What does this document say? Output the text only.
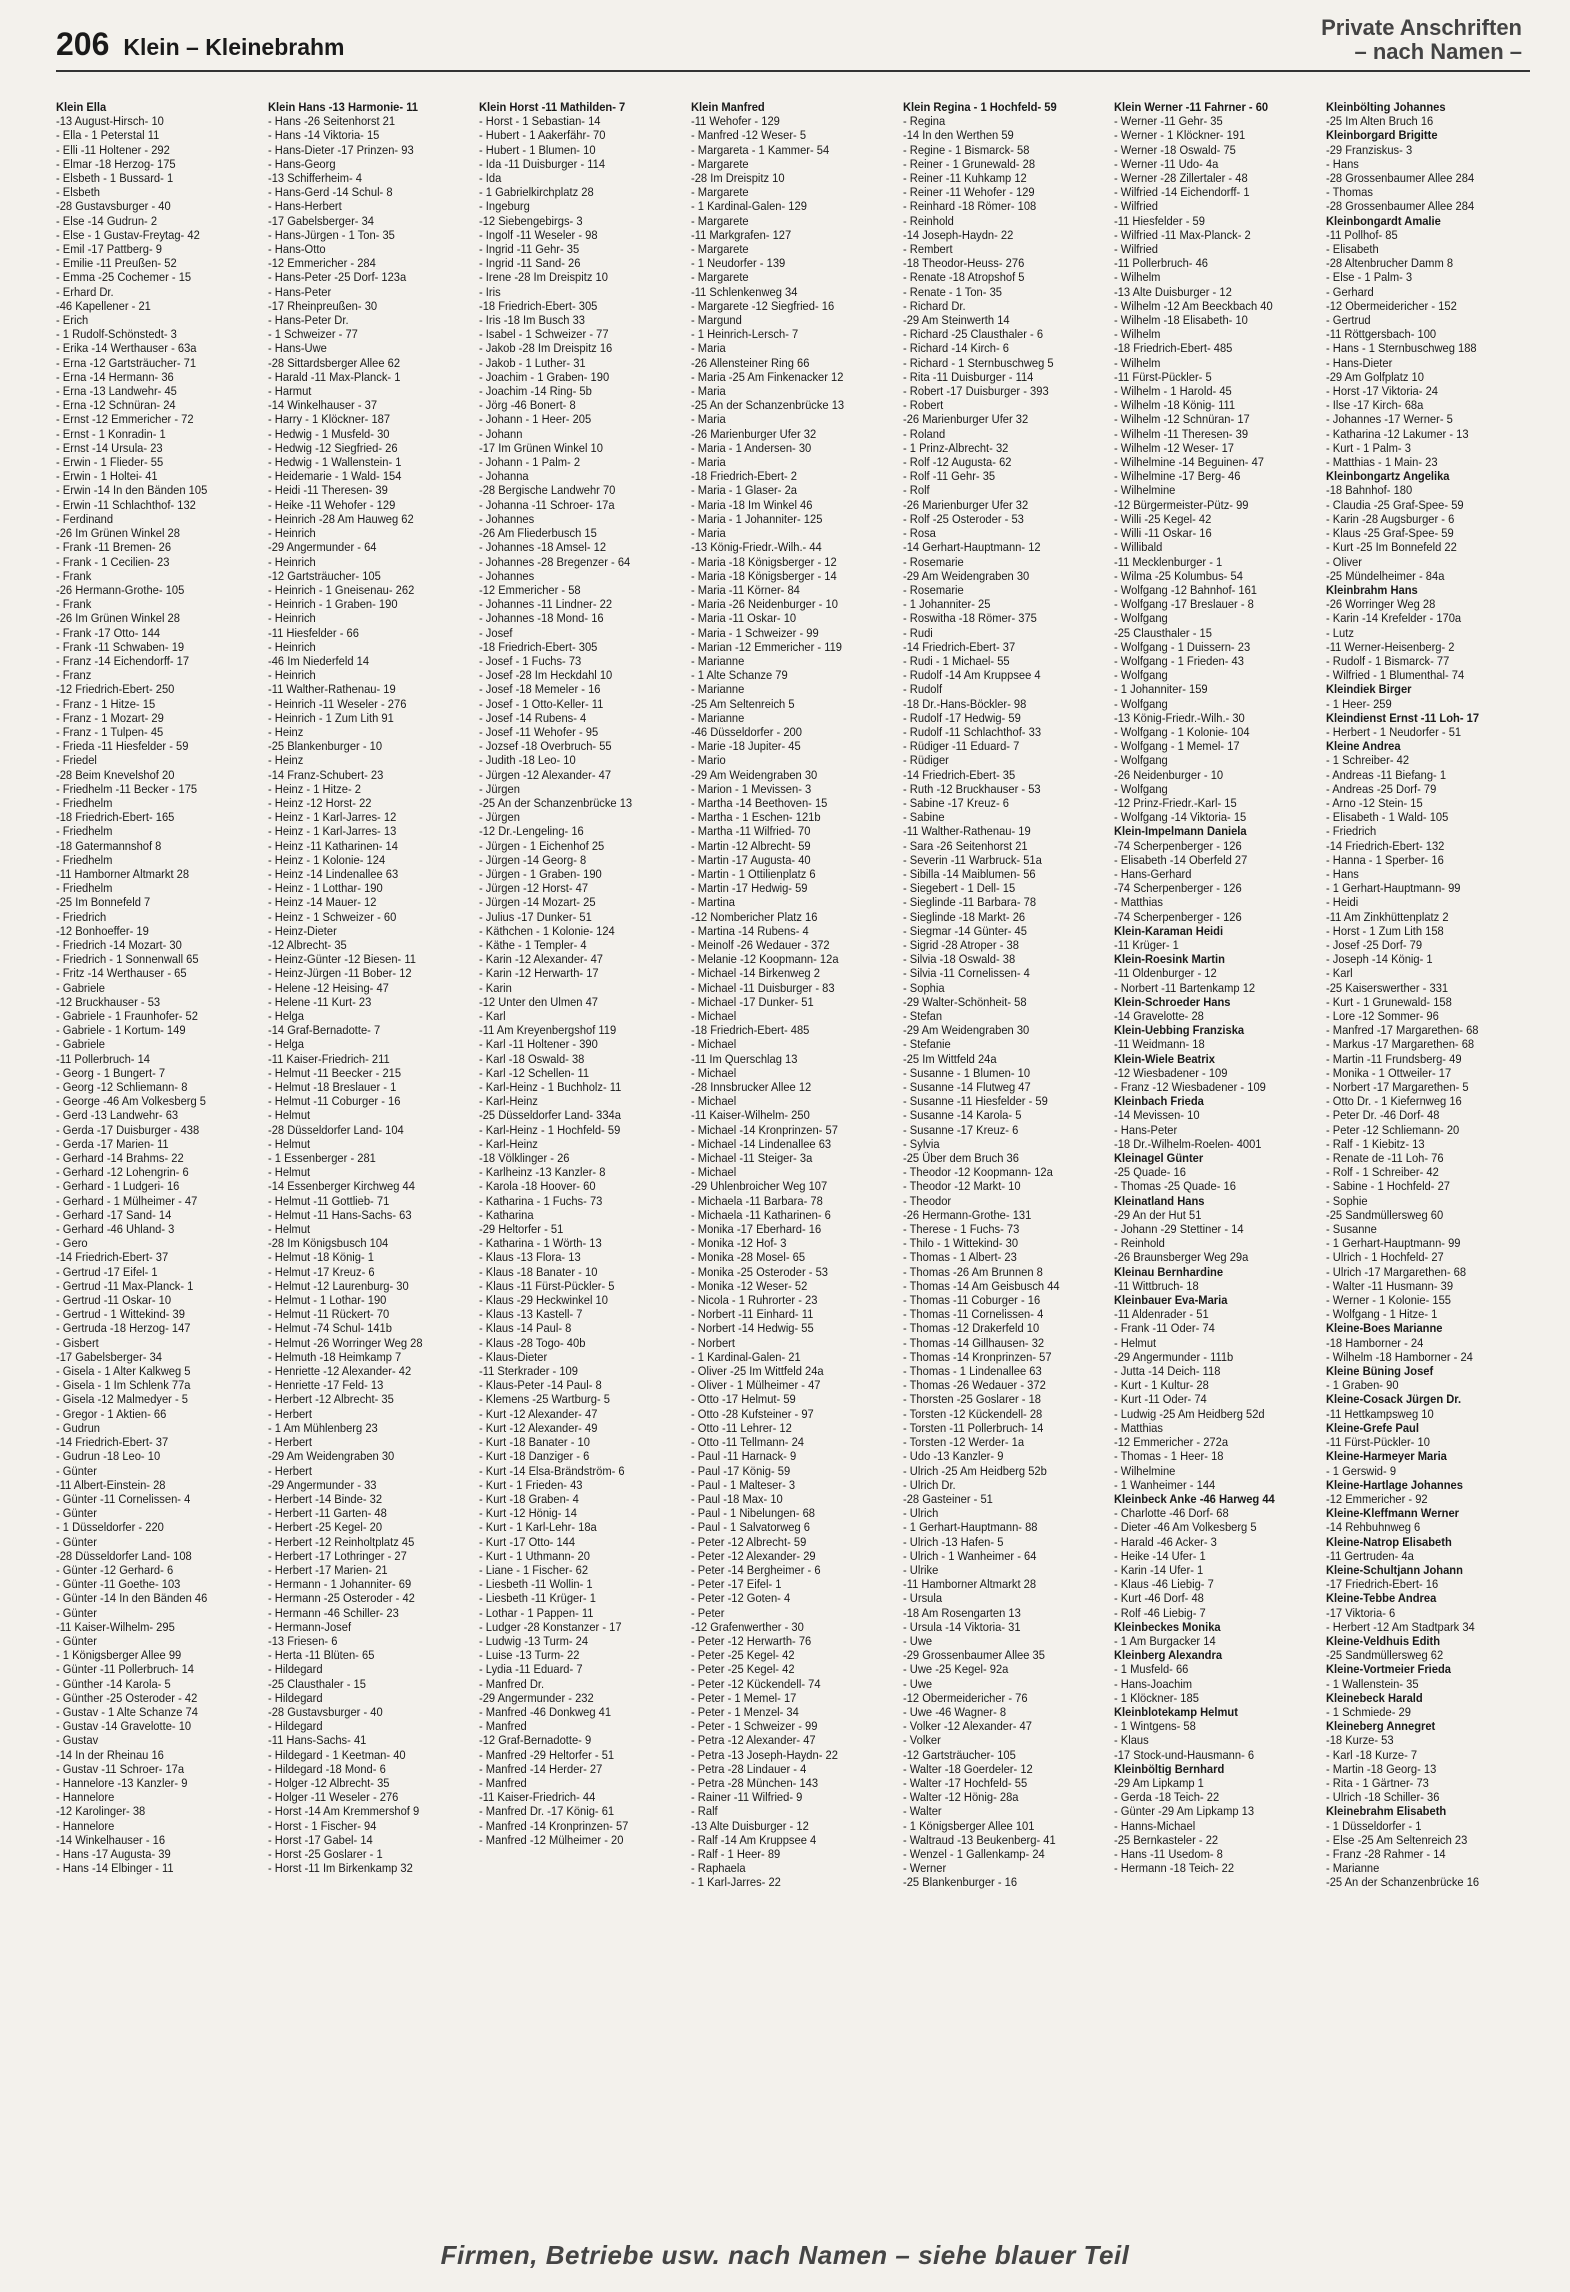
206 Klein – Kleinebrahm
Private Anschriften
– nach Namen –
Klein Ella
-13 August-Hirsch- 10
- Ella - 1 Peterstal 11
- Elli -11 Holtener - 292
- Elmar -18 Herzog- 175
- Elsbeth - 1 Bussard- 1
- Elsbeth
-28 Gustavsburger - 40
- Else -14 Gudrun- 2
- Else - 1 Gustav-Freytag- 42
- Emil -17 Pattberg- 9
- Emilie -11 Preußen- 52
- Emma -25 Cochemer - 15
- Erhard Dr.
-46 Kapellener - 21
- Erich
- 1 Rudolf-Schönstedt- 3
- Erika -14 Werthauser - 63a
- Erna -12 Gartsträucher- 71
- Erna -14 Hermann- 36
- Erna -13 Landwehr- 45
- Erna -12 Schnüran- 24
- Ernst -12 Emmericher - 72
- Ernst - 1 Konradin- 1
- Ernst -14 Ursula- 23
- Erwin - 1 Flieder- 55
- Erwin - 1 Holtei- 41
- Erwin -14 In den Bänden 105
- Erwin -11 Schlachthof- 132
- Ferdinand
-26 Im Grünen Winkel 28
- Frank -11 Bremen- 26
- Frank - 1 Cecilien- 23
- Frank
-26 Hermann-Grothe- 105
- Frank
-26 Im Grünen Winkel 28
- Frank -17 Otto- 144
- Frank -11 Schwaben- 19
- Franz -14 Eichendorff- 17
- Franz
-12 Friedrich-Ebert- 250
- Franz - 1 Hitze- 15
- Franz - 1 Mozart- 29
- Franz - 1 Tulpen- 45
- Frieda -11 Hiesfelder - 59
- Friedel
-28 Beim Knevelshof 20
- Friedhelm -11 Becker - 175
- Friedhelm
-18 Friedrich-Ebert- 165
- Friedhelm
-18 Gatermannshof 8
- Friedhelm
-11 Hamborner Altmarkt 28
- Friedhelm
-25 Im Bonnefeld 7
- Friedrich
-12 Bonhoeffer- 19
- Friedrich -14 Mozart- 30
- Friedrich - 1 Sonnenwall 65
- Fritz -14 Werthauser - 65
- Gabriele
-12 Bruckhauser - 53
- Gabriele - 1 Fraunhofer- 52
- Gabriele - 1 Kortum- 149
- Gabriele
-11 Pollerbruch- 14
- Georg - 1 Bungert- 7
- Georg -12 Schliemann- 8
- George -46 Am Volkesberg 5
- Gerd -13 Landwehr- 63
- Gerda -17 Duisburger - 438
- Gerda -17 Marien- 11
- Gerhard -14 Brahms- 22
- Gerhard -12 Lohengrin- 6
- Gerhard - 1 Ludgeri- 16
- Gerhard - 1 Mülheimer - 47
- Gerhard -17 Sand- 14
- Gerhard -46 Uhland- 3
- Gero
-14 Friedrich-Ebert- 37
- Gertrud -17 Eifel- 1
- Gertrud -11 Max-Planck- 1
- Gertrud -11 Oskar- 10
- Gertrud - 1 Wittekind- 39
- Gertruda -18 Herzog- 147
- Gisbert
-17 Gabelsberger- 34
- Gisela - 1 Alter Kalkweg 5
- Gisela - 1 Im Schlenk 77a
- Gisela -12 Malmedyer - 5
- Gregor - 1 Aktien- 66
- Gudrun
-14 Friedrich-Ebert- 37
- Gudrun -18 Leo- 10
- Günter
-11 Albert-Einstein- 28
- Günter -11 Cornelissen- 4
- Günter
- 1 Düsseldorfer - 220
- Günter
-28 Düsseldorfer Land- 108
- Günter -12 Gerhard- 6
- Günter -11 Goethe- 103
- Günter -14 In den Bänden 46
- Günter
-11 Kaiser-Wilhelm- 295
- Günter
- 1 Königsberger Allee 99
- Günter -11 Pollerbruch- 14
- Günther -14 Karola- 5
- Günther -25 Osteroder - 42
- Gustav - 1 Alte Schanze 74
- Gustav -14 Gravelotte- 10
- Gustav
-14 In der Rheinau 16
- Gustav -11 Schroer- 17a
- Hannelore -13 Kanzler- 9
- Hannelore
-12 Karolinger- 38
- Hannelore
-14 Winkelhauser - 16
- Hans -17 Augusta- 39
- Hans -14 Elbinger - 11
Klein Hans -13 Harmonie- 11
- Hans -26 Seitenhorst 21
- Hans -14 Viktoria- 15
- Hans-Dieter -17 Prinzen- 93
- Hans-Georg
-13 Schifferheim- 4
- Hans-Gerd -14 Schul- 8
- Hans-Herbert
-17 Gabelsberger- 34
- Hans-Jürgen - 1 Ton- 35
- Hans-Otto
-12 Emmericher - 284
- Hans-Peter -25 Dorf- 123a
- Hans-Peter
-17 Rheinpreußen- 30
- Hans-Peter Dr.
- 1 Schweizer - 77
- Hans-Uwe
-28 Sittardsberger Allee 62
- Harald -11 Max-Planck- 1
- Harmut
-14 Winkelhauser - 37
- Harry - 1 Klöckner- 187
- Hedwig - 1 Musfeld- 30
- Hedwig -12 Siegfried- 26
- Hedwig - 1 Wallenstein- 1
- Heidemarie - 1 Wald- 154
- Heidi -11 Theresen- 39
- Heike -11 Wehofer - 129
- Heinrich -28 Am Hauweg 62
- Heinrich
-29 Angermunder - 64
- Heinrich
-12 Gartsträucher- 105
- Heinrich - 1 Gneisenau- 262
- Heinrich - 1 Graben- 190
- Heinrich
-11 Hiesfelder - 66
- Heinrich
-46 Im Niederfeld 14
- Heinrich
-11 Walther-Rathenau- 19
- Heinrich -11 Weseler - 276
- Heinrich - 1 Zum Lith 91
- Heinz
-25 Blankenburger - 10
- Heinz
-14 Franz-Schubert- 23
- Heinz - 1 Hitze- 2
- Heinz -12 Horst- 22
- Heinz - 1 Karl-Jarres- 12
- Heinz - 1 Karl-Jarres- 13
- Heinz -11 Katharinen- 14
- Heinz - 1 Kolonie- 124
- Heinz -14 Lindenallee 63
- Heinz - 1 Lotthar- 190
- Heinz -14 Mauer- 12
- Heinz - 1 Schweizer - 60
- Heinz-Dieter
-12 Albrecht- 35
- Heinz-Günter -12 Biesen- 11
- Heinz-Jürgen -11 Bober- 12
- Helene -12 Heising- 47
- Helene -11 Kurt- 23
- Helga
-14 Graf-Bernadotte- 7
- Helga
-11 Kaiser-Friedrich- 211
- Helmut -11 Beecker - 215
- Helmut -18 Breslauer - 1
- Helmut -11 Coburger - 16
- Helmut
-28 Düsseldorfer Land- 104
- Helmut
- 1 Essenberger - 281
- Helmut
-14 Essenberger Kirchweg 44
- Helmut -11 Gottlieb- 71
- Helmut -11 Hans-Sachs- 63
- Helmut
-28 Im Königsbusch 104
- Helmut -18 König- 1
- Helmut -17 Kreuz- 6
- Helmut -12 Laurenburg- 30
- Helmut - 1 Lothar- 190
- Helmut -11 Rückert- 70
- Helmut -74 Schul- 141b
- Helmut -26 Worringer Weg 28
- Helmuth -18 Heimkamp 7
- Henriette -12 Alexander- 42
- Henriette -17 Feld- 13
- Herbert -12 Albrecht- 35
- Herbert
- 1 Am Mühlenberg 23
- Herbert
-29 Am Weidengraben 30
- Herbert
-29 Angermunder - 33
- Herbert -14 Binde- 32
- Herbert -11 Garten- 48
- Herbert -25 Kegel- 20
- Herbert -12 Reinholtplatz 45
- Herbert -17 Lothringer - 27
- Herbert -17 Marien- 21
- Hermann - 1 Johanniter- 69
- Hermann -25 Osteroder - 42
- Hermann -46 Schiller- 23
- Hermann-Josef
-13 Friesen- 6
- Herta -11 Blüten- 65
- Hildegard
-25 Clausthaler - 15
- Hildegard
-28 Gustavsburger - 40
- Hildegard
-11 Hans-Sachs- 41
- Hildegard - 1 Keetman- 40
- Hildegard -18 Mond- 6
- Holger -12 Albrecht- 35
- Holger -11 Weseler - 276
- Horst -14 Am Kremmershof 9
- Horst - 1 Fischer- 94
- Horst -17 Gabel- 14
- Horst -25 Goslarer - 1
- Horst -11 Im Birkenkamp 32
Klein Horst -11 Mathilden- 7
- Horst - 1 Sebastian- 14
- Hubert - 1 Aakerfähr- 70
- Hubert - 1 Blumen- 10
- Ida -11 Duisburger - 114
- Ida
- 1 Gabrielkirchplatz 28
- Ingeburg
-12 Siebengebirgs- 3
- Ingolf -11 Weseler - 98
- Ingrid -11 Gehr- 35
- Ingrid -11 Sand- 26
- Irene -28 Im Dreispitz 10
- Iris
-18 Friedrich-Ebert- 305
- Iris -18 Im Busch 33
- Isabel - 1 Schweizer - 77
- Jakob -28 Im Dreispitz 16
- Jakob - 1 Luther- 31
- Joachim - 1 Graben- 190
- Joachim -14 Ring- 5b
- Jörg -46 Bonert- 8
- Johann - 1 Heer- 205
- Johann
-17 Im Grünen Winkel 10
- Johann - 1 Palm- 2
- Johanna
-28 Bergische Landwehr 70
- Johanna -11 Schroer- 17a
- Johannes
-26 Am Fliederbusch 15
- Johannes -18 Amsel- 12
- Johannes -28 Bregenzer - 64
- Johannes
-12 Emmericher - 58
- Johannes -11 Lindner- 22
- Johannes -18 Mond- 16
- Josef
-18 Friedrich-Ebert- 305
- Josef - 1 Fuchs- 73
- Josef -28 Im Heckdahl 10
- Josef -18 Memeler - 16
- Josef - 1 Otto-Keller- 11
- Josef -14 Rubens- 4
- Josef -11 Wehofer - 95
- Jozsef -18 Overbruch- 55
- Judith -18 Leo- 10
- Jürgen -12 Alexander- 47
- Jürgen
-25 An der Schanzenbrücke 13
- Jürgen
-12 Dr.-Lengeling- 16
- Jürgen - 1 Eichenhof 25
- Jürgen -14 Georg- 8
- Jürgen - 1 Graben- 190
- Jürgen -12 Horst- 47
- Jürgen -14 Mozart- 25
- Julius -17 Dunker- 51
- Käthchen - 1 Kolonie- 124
- Käthe - 1 Templer- 4
- Karin -12 Alexander- 47
- Karin -12 Herwarth- 17
- Karin
-12 Unter den Ulmen 47
- Karl
-11 Am Kreyenbergshof 119
- Karl -11 Holtener - 390
- Karl -18 Oswald- 38
- Karl -12 Schellen- 11
- Karl-Heinz - 1 Buchholz- 11
- Karl-Heinz
-25 Düsseldorfer Land- 334a
- Karl-Heinz - 1 Hochfeld- 59
- Karl-Heinz
-18 Völklinger - 26
- Karlheinz -13 Kanzler- 8
- Karola -18 Hoover- 60
- Katharina - 1 Fuchs- 73
- Katharina
-29 Heltorfer - 51
- Katharina - 1 Wörth- 13
- Klaus -13 Flora- 13
- Klaus -18 Banater - 10
- Klaus -11 Fürst-Pückler- 5
- Klaus -29 Heckwinkel 10
- Klaus -13 Kastell- 7
- Klaus -14 Paul- 8
- Klaus -28 Togo- 40b
- Klaus-Dieter
-11 Sterkrader - 109
- Klaus-Peter -14 Paul- 8
- Klemens -25 Wartburg- 5
- Kurt -12 Alexander- 47
- Kurt -12 Alexander- 49
- Kurt -18 Banater - 10
- Kurt -18 Danziger - 6
- Kurt -14 Elsa-Brändström- 6
- Kurt - 1 Frieden- 43
- Kurt -18 Graben- 4
- Kurt -12 Hönig- 14
- Kurt - 1 Karl-Lehr- 18a
- Kurt -17 Otto- 144
- Kurt - 1 Uthmann- 20
- Liane - 1 Fischer- 62
- Liesbeth -11 Wollin- 1
- Liesbeth -11 Krüger- 1
- Lothar - 1 Pappen- 11
- Ludger -28 Konstanzer - 17
- Ludwig -13 Turm- 24
- Luise -13 Turm- 22
- Lydia -11 Eduard- 7
- Manfred Dr.
-29 Angermunder - 232
- Manfred -46 Donkweg 41
- Manfred
-12 Graf-Bernadotte- 9
- Manfred -29 Heltorfer - 51
- Manfred -14 Herder- 27
- Manfred
-11 Kaiser-Friedrich- 44
- Manfred Dr. -17 König- 61
- Manfred -14 Kronprinzen- 57
- Manfred -12 Mülheimer - 20
Klein Manfred
-11 Wehofer - 129
- Manfred -12 Weser- 5
- Margareta - 1 Kammer- 54
- Margarete
-28 Im Dreispitz 10
- Margarete
- 1 Kardinal-Galen- 129
- Margarete
-11 Markgrafen- 127
- Margarete
- 1 Neudorfer - 139
- Margarete
-11 Schlenkenweg 34
- Margarete -12 Siegfried- 16
- Margund
- 1 Heinrich-Lersch- 7
- Maria
-26 Allensteiner Ring 66
- Maria -25 Am Finkenacker 12
- Maria
-25 An der Schanzenbrücke 13
- Maria
-26 Marienburger Ufer 32
- Maria - 1 Andersen- 30
- Maria
-18 Friedrich-Ebert- 2
- Maria - 1 Glaser- 2a
- Maria -18 Im Winkel 46
- Maria - 1 Johanniter- 125
- Maria
-13 König-Friedr.-Wilh.- 44
- Maria -18 Königsberger - 12
- Maria -18 Königsberger - 14
- Maria -11 Körner- 84
- Maria -26 Neidenburger - 10
- Maria -11 Oskar- 10
- Maria - 1 Schweizer - 99
- Marian -12 Emmericher - 119
- Marianne
- 1 Alte Schanze 79
- Marianne
-25 Am Seltenreich 5
- Marianne
-46 Düsseldorfer - 200
- Marie -18 Jupiter- 45
- Mario
-29 Am Weidengraben 30
- Marion - 1 Mevissen- 3
- Martha -14 Beethoven- 15
- Martha - 1 Eschen- 121b
- Martha -11 Wilfried- 70
- Martin -12 Albrecht- 59
- Martin -17 Augusta- 40
- Martin - 1 Ottilienplatz 6
- Martin -17 Hedwig- 59
- Martina
-12 Nombericher Platz 16
- Martina -14 Rubens- 4
- Meinolf -26 Wedauer - 372
- Melanie -12 Koopmann- 12a
- Michael -14 Birkenweg 2
- Michael -11 Duisburger - 83
- Michael -17 Dunker- 51
- Michael
-18 Friedrich-Ebert- 485
- Michael
-11 Im Querschlag 13
- Michael
-28 Innsbrucker Allee 12
- Michael
-11 Kaiser-Wilhelm- 250
- Michael -14 Kronprinzen- 57
- Michael -14 Lindenallee 63
- Michael -11 Steiger- 3a
- Michael
-29 Uhlenbroicher Weg 107
- Michaela -11 Barbara- 78
- Michaela -11 Katharinen- 6
- Monika -17 Eberhard- 16
- Monika -12 Hof- 3
- Monika -28 Mosel- 65
- Monika -25 Osteroder - 53
- Monika -12 Weser- 52
- Nicola - 1 Ruhrorter - 23
- Norbert -11 Einhard- 11
- Norbert -14 Hedwig- 55
- Norbert
- 1 Kardinal-Galen- 21
- Oliver -25 Im Wittfeld 24a
- Oliver - 1 Mülheimer - 47
- Otto -17 Helmut- 59
- Otto -28 Kufsteiner - 97
- Otto -11 Lehrer- 12
- Otto -11 Tellmann- 24
- Paul -11 Harnack- 9
- Paul -17 König- 59
- Paul - 1 Malteser- 3
- Paul -18 Max- 10
- Paul - 1 Nibelungen- 68
- Paul - 1 Salvatorweg 6
- Peter -12 Albrecht- 59
- Peter -12 Alexander- 29
- Peter -14 Bergheimer - 6
- Peter -17 Eifel- 1
- Peter -12 Goten- 4
- Peter
-12 Grafenwerther - 30
- Peter -12 Herwarth- 76
- Peter -25 Kegel- 42
- Peter -25 Kegel- 42
- Peter -12 Kückendell- 74
- Peter - 1 Memel- 17
- Peter - 1 Menzel- 34
- Peter - 1 Schweizer - 99
- Petra -12 Alexander- 47
- Petra -13 Joseph-Haydn- 22
- Petra -28 Lindauer - 4
- Petra -28 München- 143
- Rainer -11 Wilfried- 9
- Ralf
-13 Alte Duisburger - 12
- Ralf -14 Am Kruppsee 4
- Ralf - 1 Heer- 89
- Raphaela
- 1 Karl-Jarres- 22
Klein Regina - 1 Hochfeld- 59
- Regina
-14 In den Werthen 59
- Regine - 1 Bismarck- 58
- Reiner - 1 Grunewald- 28
- Reiner -11 Kuhkamp 12
- Reiner -11 Wehofer - 129
- Reinhard -18 Römer- 108
- Reinhold
-14 Joseph-Haydn- 22
- Rembert
-18 Theodor-Heuss- 276
- Renate -18 Atropshof 5
- Renate - 1 Ton- 35
- Richard Dr.
-29 Am Steinwerth 14
- Richard -25 Clausthaler - 6
- Richard -14 Kirch- 6
- Richard - 1 Sternbuschweg 5
- Rita -11 Duisburger - 114
- Robert -17 Duisburger - 393
- Robert
-26 Marienburger Ufer 32
- Roland
- 1 Prinz-Albrecht- 32
- Rolf -12 Augusta- 62
- Rolf -11 Gehr- 35
- Rolf
-26 Marienburger Ufer 32
- Rolf -25 Osteroder - 53
- Rosa
-14 Gerhart-Hauptmann- 12
- Rosemarie
-29 Am Weidengraben 30
- Rosemarie
- 1 Johanniter- 25
- Roswitha -18 Römer- 375
- Rudi
-14 Friedrich-Ebert- 37
- Rudi - 1 Michael- 55
- Rudolf -14 Am Kruppsee 4
- Rudolf
-18 Dr.-Hans-Böckler- 98
- Rudolf -17 Hedwig- 59
- Rudolf -11 Schlachthof- 33
- Rüdiger -11 Eduard- 7
- Rüdiger
-14 Friedrich-Ebert- 35
- Ruth -12 Bruckhauser - 53
- Sabine -17 Kreuz- 6
- Sabine
-11 Walther-Rathenau- 19
- Sara -26 Seitenhorst 21
- Severin -11 Warbruck- 51a
- Sibilla -14 Maiblumen- 56
- Siegebert - 1 Dell- 15
- Sieglinde -11 Barbara- 78
- Sieglinde -18 Markt- 26
- Siegmar -14 Günter- 45
- Sigrid -28 Atroper - 38
- Silvia -18 Oswald- 38
- Silvia -11 Cornelissen- 4
- Sophia
-29 Walter-Schönheit- 58
- Stefan
-29 Am Weidengraben 30
- Stefanie
-25 Im Wittfeld 24a
- Susanne - 1 Blumen- 10
- Susanne -14 Flutweg 47
- Susanne -11 Hiesfelder - 59
- Susanne -14 Karola- 5
- Susanne -17 Kreuz- 6
- Sylvia
-25 Über dem Bruch 36
- Theodor -12 Koopmann- 12a
- Theodor -12 Markt- 10
- Theodor
-26 Hermann-Grothe- 131
- Therese - 1 Fuchs- 73
- Thilo - 1 Wittekind- 30
- Thomas - 1 Albert- 23
- Thomas -26 Am Brunnen 8
- Thomas -14 Am Geisbusch 44
- Thomas -11 Coburger - 16
- Thomas -11 Cornelissen- 4
- Thomas -12 Drakerfeld 10
- Thomas -14 Gillhausen- 32
- Thomas -14 Kronprinzen- 57
- Thomas - 1 Lindenallee 63
- Thomas -26 Wedauer - 372
- Thorsten -25 Goslarer - 18
- Torsten -12 Kückendell- 28
- Torsten -11 Pollerbruch- 14
- Torsten -12 Werder- 1a
- Udo -13 Kanzler- 9
- Ulrich -25 Am Heidberg 52b
- Ulrich Dr.
-28 Gasteiner - 51
- Ulrich
- 1 Gerhart-Hauptmann- 88
- Ulrich -13 Hafen- 5
- Ulrich - 1 Wanheimer - 64
- Ulrike
-11 Hamborner Altmarkt 28
- Ursula
-18 Am Rosengarten 13
- Ursula -14 Viktoria- 31
- Uwe
-29 Grossenbaumer Allee 35
- Uwe -25 Kegel- 92a
- Uwe
-12 Obermeidericher - 76
- Uwe -46 Wagner- 8
- Volker -12 Alexander- 47
- Volker
-12 Gartsträucher- 105
- Walter -18 Goerdeler- 12
- Walter -17 Hochfeld- 55
- Walter -12 Hönig- 28a
- Walter
- 1 Königsberger Allee 101
- Waltraud -13 Beukenberg- 41
- Wenzel - 1 Gallenkamp- 24
- Werner
-25 Blankenburger - 16
Klein Werner -11 Fahrner - 60
- Werner -11 Gehr- 35
- Werner - 1 Klöckner- 191
- Werner -18 Oswald- 75
- Werner -11 Udo- 4a
- Werner -28 Zillertaler - 48
- Wilfried -14 Eichendorff- 1
- Wilfried
-11 Hiesfelder - 59
- Wilfried -11 Max-Planck- 2
- Wilfried
-11 Pollerbruch- 46
- Wilhelm
-13 Alte Duisburger - 12
- Wilhelm -12 Am Beeckbach 40
- Wilhelm -18 Elisabeth- 10
- Wilhelm
-18 Friedrich-Ebert- 485
- Wilhelm
-11 Fürst-Pückler- 5
- Wilhelm - 1 Harold- 45
- Wilhelm -18 König- 111
- Wilhelm -12 Schnüran- 17
- Wilhelm -11 Theresen- 39
- Wilhelm -12 Weser- 17
- Wilhelmine -14 Beguinen- 47
- Wilhelmine -17 Berg- 46
- Wilhelmine
-12 Bürgermeister-Pütz- 99
- Willi -25 Kegel- 42
- Willi -11 Oskar- 16
- Willibald
-11 Mecklenburger - 1
- Wilma -25 Kolumbus- 54
- Wolfgang -12 Bahnhof- 161
- Wolfgang -17 Breslauer - 8
- Wolfgang
-25 Clausthaler - 15
- Wolfgang - 1 Duissern- 23
- Wolfgang - 1 Frieden- 43
- Wolfgang
- 1 Johanniter- 159
- Wolfgang
-13 König-Friedr.-Wilh.- 30
- Wolfgang - 1 Kolonie- 104
- Wolfgang - 1 Memel- 17
- Wolfgang
-26 Neidenburger - 10
- Wolfgang
-12 Prinz-Friedr.-Karl- 15
- Wolfgang -14 Viktoria- 15
Klein-Impelmann Daniela
-74 Scherpenberger - 126
- Elisabeth -14 Oberfeld 27
- Hans-Gerhard
-74 Scherpenberger - 126
- Matthias
-74 Scherpenberger - 126
Klein-Karaman Heidi
-11 Krüger- 1
Klein-Roesink Martin
-11 Oldenburger - 12
- Norbert -11 Bartenkamp 12
Klein-Schroeder Hans
-14 Gravelotte- 28
Klein-Uebbing Franziska
-11 Weidmann- 18
Klein-Wiele Beatrix
-12 Wiesbadener - 109
- Franz -12 Wiesbadener - 109
Kleinbach Frieda
-14 Mevissen- 10
- Hans-Peter
-18 Dr.-Wilhelm-Roelen- 4001
Kleinagel Günter
-25 Quade- 16
- Thomas -25 Quade- 16
Kleinatland Hans
-29 An der Hut 51
- Johann -29 Stettiner - 14
- Reinhold
-26 Braunsberger Weg 29a
Kleinau Bernhardine
-11 Wittbruch- 18
Kleinbauer Eva-Maria
-11 Aldenrader - 51
- Frank -11 Oder- 74
- Helmut
-29 Angermunder - 111b
- Jutta -14 Deich- 118
- Kurt - 1 Kultur- 28
- Kurt -11 Oder- 74
- Ludwig -25 Am Heidberg 52d
- Matthias
-12 Emmericher - 272a
- Thomas - 1 Heer- 18
- Wilhelmine
- 1 Wanheimer - 144
Kleinbeck Anke -46 Harweg 44
- Charlotte -46 Dorf- 68
- Dieter -46 Am Volkesberg 5
- Harald -46 Acker- 3
- Heike -14 Ufer- 1
- Karin -14 Ufer- 1
- Klaus -46 Liebig- 7
- Kurt -46 Dorf- 48
- Rolf -46 Liebig- 7
Kleinbeckes Monika
- 1 Am Burgacker 14
Kleinberg Alexandra
- 1 Musfeld- 66
- Hans-Joachim
- 1 Klöckner- 185
Kleinblotekamp Helmut
- 1 Wintgens- 58
- Klaus
-17 Stock-und-Hausmann- 6
Kleinböltig Bernhard
-29 Am Lipkamp 1
- Gerda -18 Teich- 22
- Günter -29 Am Lipkamp 13
- Hanns-Michael
-25 Bernkasteler - 22
- Hans -11 Usedom- 8
- Hermann -18 Teich- 22
Kleinbölting Johannes
-25 Im Alten Bruch 16
Kleinborgard Brigitte
-29 Franziskus- 3
- Hans
-28 Grossenbaumer Allee 284
- Thomas
-28 Grossenbaumer Allee 284
Kleinbongardt Amalie
-11 Pollhof- 85
- Elisabeth
-28 Altenbrucher Damm 8
- Else - 1 Palm- 3
- Gerhard
-12 Obermeidericher - 152
- Gertrud
-11 Röttgersbach- 100
- Hans - 1 Sternbuschweg 188
- Hans-Dieter
-29 Am Golfplatz 10
- Horst -17 Viktoria- 24
- Ilse -17 Kirch- 68a
- Johannes -17 Werner- 5
- Katharina -12 Lakumer - 13
- Kurt - 1 Palm- 3
- Matthias - 1 Main- 23
Kleinbongartz Angelika
-18 Bahnhof- 180
- Claudia -25 Graf-Spee- 59
- Karin -28 Augsburger - 6
- Klaus -25 Graf-Spee- 59
- Kurt -25 Im Bonnefeld 22
- Oliver
-25 Mündelheimer - 84a
Kleinbrahm Hans
-26 Worringer Weg 28
- Karin -14 Krefelder - 170a
- Lutz
-11 Werner-Heisenberg- 2
- Rudolf - 1 Bismarck- 77
- Wilfried - 1 Blumenthal- 74
Kleindiek Birger
- 1 Heer- 259
Kleindienst Ernst -11 Loh- 17
- Herbert - 1 Neudorfer - 51
Kleine Andrea
- 1 Schreiber- 42
- Andreas -11 Biefang- 1
- Andreas -25 Dorf- 79
- Arno -12 Stein- 15
- Elisabeth - 1 Wald- 105
- Friedrich
-14 Friedrich-Ebert- 132
- Hanna - 1 Sperber- 16
- Hans
- 1 Gerhart-Hauptmann- 99
- Heidi
-11 Am Zinkhüttenplatz 2
- Horst - 1 Zum Lith 158
- Josef -25 Dorf- 79
- Joseph -14 König- 1
- Karl
-25 Kaiserswerther - 331
- Kurt - 1 Grunewald- 158
- Lore -12 Sommer- 96
- Manfred -17 Margarethen- 68
- Markus -17 Margarethen- 68
- Martin -11 Frundsberg- 49
- Monika - 1 Ottweiler- 17
- Norbert -17 Margarethen- 5
- Otto Dr. - 1 Kiefernweg 16
- Peter Dr. -46 Dorf- 48
- Peter -12 Schliemann- 20
- Ralf - 1 Kiebitz- 13
- Renate de -11 Loh- 76
- Rolf - 1 Schreiber- 42
- Sabine - 1 Hochfeld- 27
- Sophie
-25 Sandmüllersweg 60
- Susanne
- 1 Gerhart-Hauptmann- 99
- Ulrich - 1 Hochfeld- 27
- Ulrich -17 Margarethen- 68
- Walter -11 Husmann- 39
- Werner - 1 Kolonie- 155
- Wolfgang - 1 Hitze- 1
Kleine-Boes Marianne
-18 Hamborner - 24
- Wilhelm -18 Hamborner - 24
Kleine Büning Josef
- 1 Graben- 90
Kleine-Cosack Jürgen Dr.
-11 Hettkampsweg 10
Kleine-Grefe Paul
-11 Fürst-Pückler- 10
Kleine-Harmeyer Maria
- 1 Gerswid- 9
Kleine-Hartlage Johannes
-12 Emmericher - 92
Kleine-Kleffmann Werner
-14 Rehbuhnweg 6
Kleine-Natrop Elisabeth
-11 Gertruden- 4a
Kleine-Schultjann Johann
-17 Friedrich-Ebert- 16
Kleine-Tebbe Andrea
-17 Viktoria- 6
- Herbert -12 Am Stadtpark 34
Kleine-Veldhuis Edith
-25 Sandmüllersweg 62
Kleine-Vortmeier Frieda
- 1 Wallenstein- 35
Kleinebeck Harald
- 1 Schmiede- 29
Kleineberg Annegret
-18 Kurze- 53
- Karl -18 Kurze- 7
- Martin -18 Georg- 13
- Rita - 1 Gärtner- 73
- Ulrich -18 Schiller- 36
Kleinebrahm Elisabeth
- 1 Düsseldorfer - 1
- Else -25 Am Seltenreich 23
- Franz -28 Rahmer - 14
- Marianne
-25 An der Schanzenbrücke 16
Firmen, Betriebe usw. nach Namen – siehe blauer Teil
